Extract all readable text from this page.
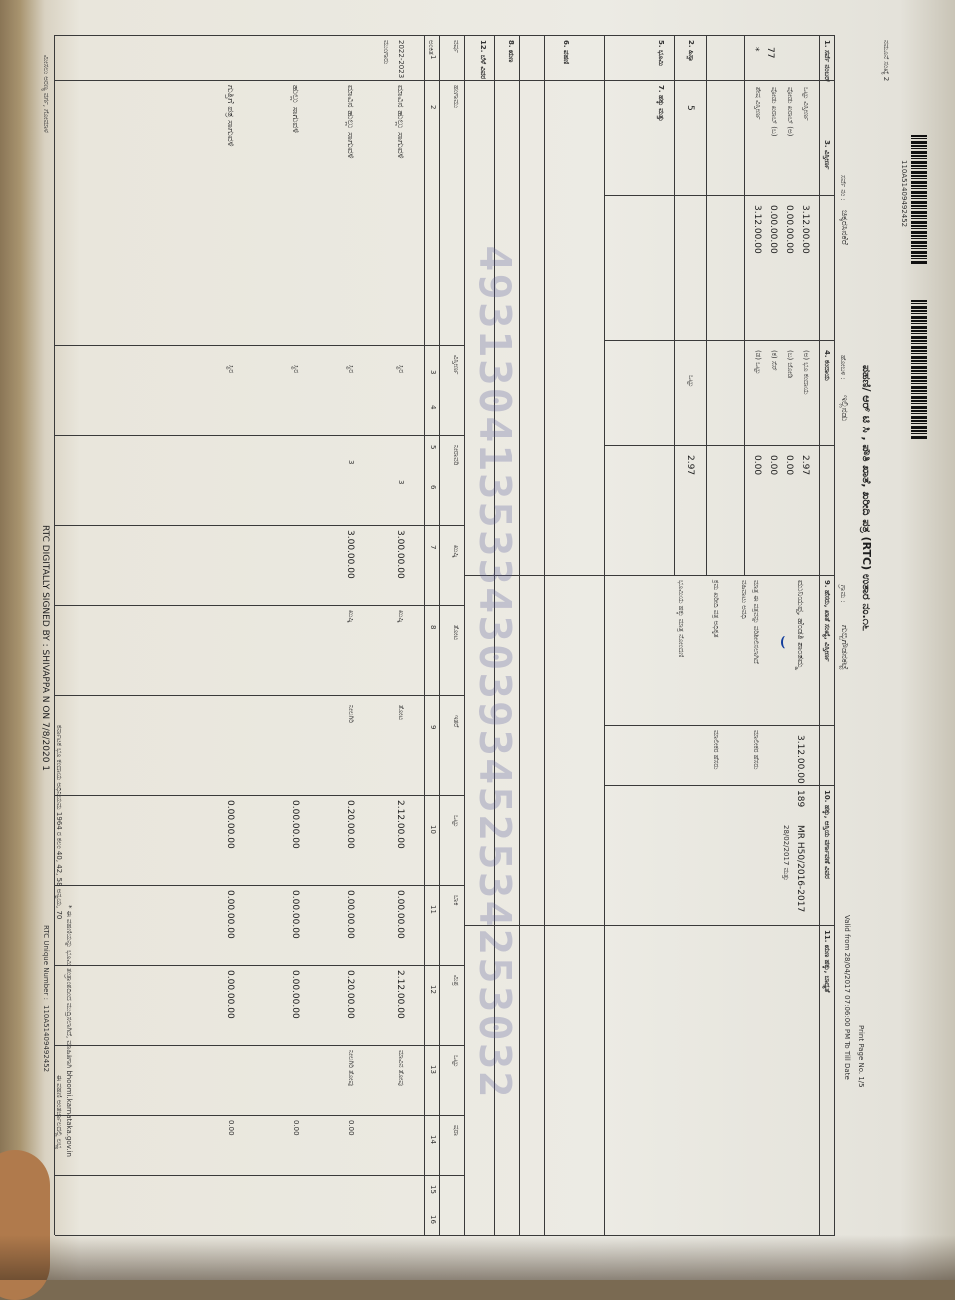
110A51409492452
ನಮೂನೆ ಸಂಖ್ಯೆ 2
ಪಹಣಿ/ ಆರ್ ಟಿ ಸಿ , ಪೌತಿ ಖಾತೆ, ಖರೀದಿ ಪತ್ರ (RTC) ಉತಾರ ನಂ.೧೬
Print Page No. 1/5
Valid from 28/04/2017 07:06:00 PM To Till Date
ಸರ್ವೆ ನಂ :
ಚಿಕ್ಕರಸಿನಕೆರೆ
ಹೋಬಳಿ :
ಇಲ್ಲಿನಡು
ಗ್ರಾಮ :
ಗುಬ್ಬಿಗೌಡನಕಟ್ಟೆ
1. ಸರ್ವೆ ನಂಬರ್
3. ವಿಸ್ತೀರ್ಣ
4. ಕಂದಾಯ
9. ಹೆಸರು, ಖಾತೆ ಸಂಖ್ಯೆ, ವಿಸ್ತೀರ್ಣ
10. ಹಕ್ಕು, ಆಸ್ತಿಯ ವರ್ಗಾವಣೆ ವಿವರ
11. ಋಣ ಹಕ್ಕು, ಬಾಧ್ಯತೆ
77
*
2. ಹಿಸ್ಸಾ
5	ಒಟ್ಟು ವಿಸ್ತೀರ್ಣ
ಪೋಡು ಖರಾಬ್ (ಅ)
ಪೋಡು ಖರಾಬ್ (ಬ)
ಶೇಷ ವಿಸ್ತೀರ್ಣ
3.12.00.00
0.00.00.00
0.00.00.00
3.12.00.00
(ಅ) ಭೂ ಕಂದಾಯ
(ಬ) ಜೋಡಿ
(ಕ) ಸೆಸ್
(ಡ) ಒಟ್ಟು
2.97
0.00
0.00
0.00
ಒಟ್ಟು
2.97
ಮುನಿಯಪ್ಪ, ಹೆಂಡತಿ ಶಾಂತಮ್ಮ
3.12.00.00
189
MR H50/2016-2017
28/02/2017 ಮತ್ತು
⌣
ಮಾತ್ರ ಈ ಪತ್ರವನ್ನು ಪರಿಶೀಲಿಸಲಾಗಿದೆ
ವಹಿವಾಟು ಅವಧಿ
ಮಾಲೀಕರ ಹೆಸರು
ಕ್ರಮ ಖರೀದಿ ಪತ್ರ ಅಧಿಕೃತ
ಮಾಲೀಕರ ಹೆಸರು
ಭೂಮಿಯ ಹಕ್ಕು ಮಾತ್ರ ನೋಂದಣಿ
5. ಭೂಮಿ
7. ಹಕ್ಕು ಮತ್ತು
6. ಪಹಣಿ
8. ಋಣ
ಅಂಕಿತ	12. ಬೆಳೆ ವಿವರ
ವರ್ಷ
ಹಂಗಾಮು
ವಿಸ್ತೀರ್ಣ
ನೀರಾವರಿ
ಖುಷ್ಕಿ
ತೋಟ
ಇತರೆ
ಒಟ್ಟು
ಬಾಕಿ
ಮಿಶ್ರ
ಒಟ್ಟು
ಷರಾ
1
2
3
4
5
6
7
8
9
10
11
12
13
14
15
16
2022-2023
ಮುಂಗಾರು
ಮಾವಿನ ಹುಲ್ಲು ಸಾಗುವಳಿ
ಸ್ಥಿರ
3
3.00.00.00
ಖುಷ್ಕಿ
ತೋಟ
2.12.00.00
0.00.00.00
2.12.00.00
ಮಾವಿನ ತೋಪು
ಮಾವಿನ ಹುಲ್ಲು ಸಾಗುವಳಿ
ಸ್ಥಿರ
3
3.00.00.00
ಖುಷ್ಕಿ
ನೀಲಗಿರಿ
0.20.00.00
0.00.00.00
0.20.00.00
ನೀಲಗಿರಿ ತೋಪು
0.00
ಹುಲ್ಲು ಸಾಗುವಳಿ
ಸ್ಥಿರ
0.00.00.00
0.00.00.00
0.00.00.00
0.00
ಗುತ್ತಿಗೆ ಪತ್ರ ಸಾಗುವಳಿ
ಸ್ಥಿರ
0.00.00.00
0.00.00.00
0.00.00.00
0.00
493130413533430393452534253032
RTC DIGITALLY SIGNED BY : SHIVAPPA N ON 7/8/2020 1
RTC Unique Number :
110A51409492452
ಕರ್ನಾಟಕ ಭೂ ಕಂದಾಯ ಅಧಿನಿಯಮ 1964 ರ ಕಲಂ 40, 42, 58 ಅನ್ವಯ, 70
ಈ ಪಹಣಿ ಅಂತರ್ಜಾಲದಲ್ಲಿ ಲಭ್ಯ
ಮೀಸಲು ಅರಣ್ಯ ವರ್ಗ, ಗೋಮಾಳ
* ಈ ಪಹಣಿಯನ್ನು ಭೂಮಿ ತಂತ್ರಾಂಶದಿಂದ ಮುದ್ರಿಸಲಾಗಿದೆ, ಮಾಹಿತಿಗಾಗಿ bhoomi.karnataka.gov.in
